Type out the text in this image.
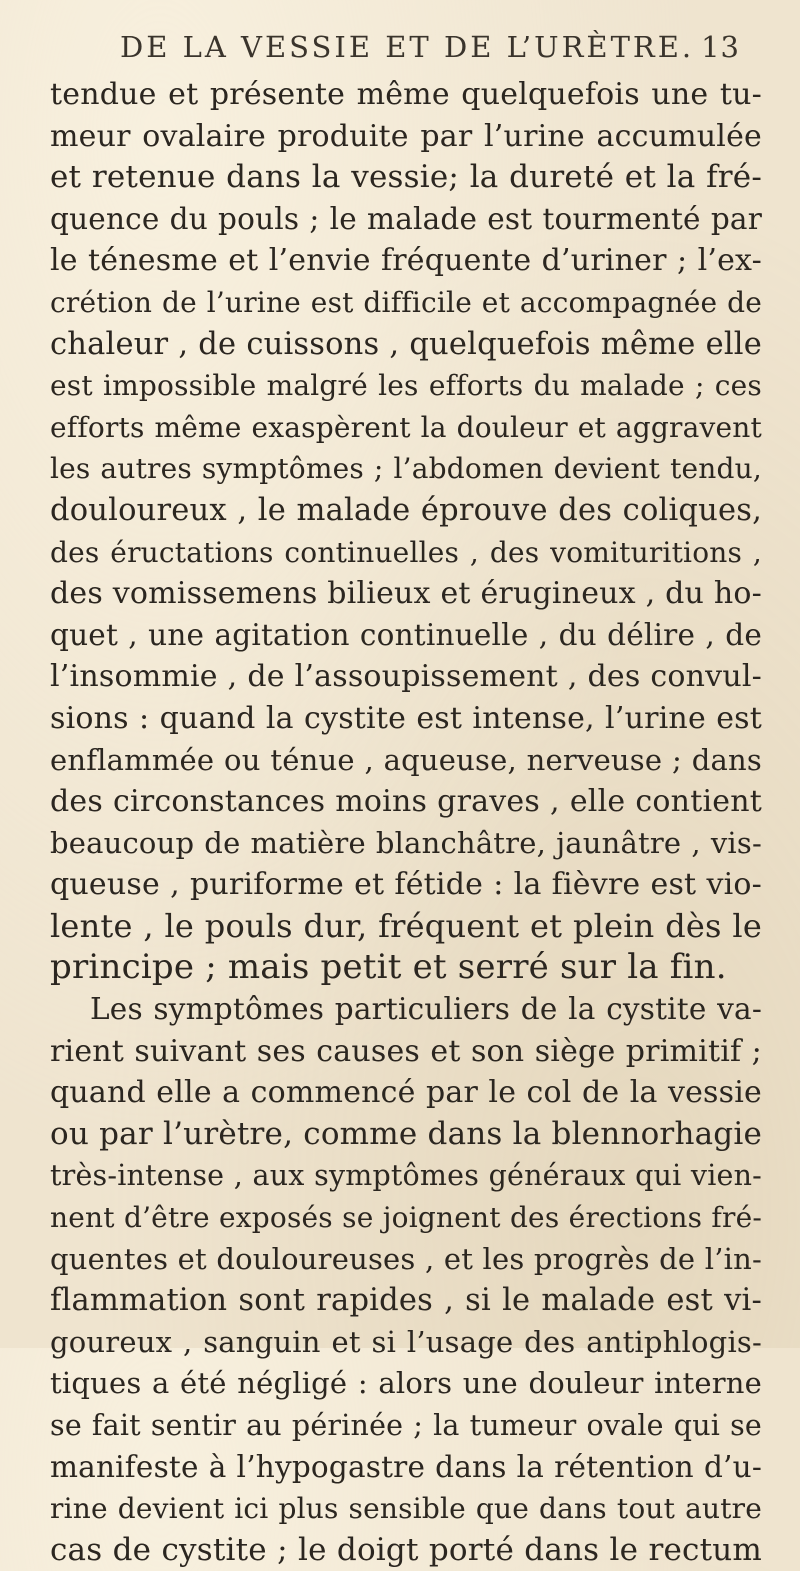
DE LA VESSIE ET DE L’URÈTRE. 13
tendue et présente même quelquefois une tu-
meur ovalaire produite par l’urine accumulée
et retenue dans la vessie; la dureté et la fré-
quence du pouls ; le malade est tourmenté par
le ténesme et l’envie fréquente d’uriner ; l’ex-
crétion de l’urine est difficile et accompagnée de
chaleur , de cuissons , quelquefois même elle
est impossible malgré les efforts du malade ; ces
efforts même exaspèrent la douleur et aggravent
les autres symptômes ; l’abdomen devient tendu,
douloureux , le malade éprouve des coliques,
des éructations continuelles , des vomituritions ,
des vomissemens bilieux et érugineux , du ho-
quet , une agitation continuelle , du délire , de
l’insommie , de l’assoupissement , des convul-
sions : quand la cystite est intense, l’urine est
enflammée ou ténue , aqueuse, nerveuse ; dans
des circonstances moins graves , elle contient
beaucoup de matière blanchâtre, jaunâtre , vis-
queuse , puriforme et fétide : la fièvre est vio-
lente , le pouls dur, fréquent et plein dès le
principe ; mais petit et serré sur la fin.
Les symptômes particuliers de la cystite va-
rient suivant ses causes et son siège primitif ;
quand elle a commencé par le col de la vessie
ou par l’urètre, comme dans la blennorhagie
très-intense , aux symptômes généraux qui vien-
nent d’être exposés se joignent des érections fré-
quentes et douloureuses , et les progrès de l’in-
flammation sont rapides , si le malade est vi-
goureux , sanguin et si l’usage des antiphlogis-
tiques a été négligé : alors une douleur interne
se fait sentir au périnée ; la tumeur ovale qui se
manifeste à l’hypogastre dans la rétention d’u-
rine devient ici plus sensible que dans tout autre
cas de cystite ; le doigt porté dans le rectum
